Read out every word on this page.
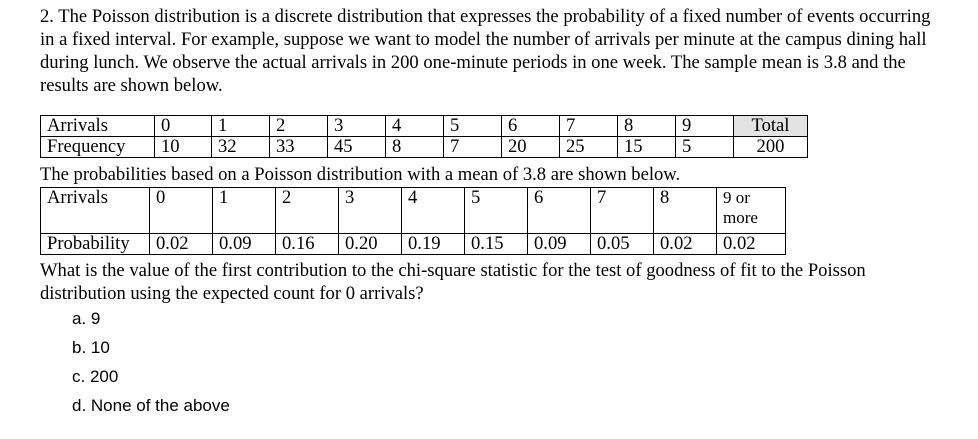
2. The Poisson distribution is a discrete distribution that expresses the probability of a fixed number of events occurring in a fixed interval. For example, suppose we want to model the number of arrivals per minute at the campus dining hall during lunch. We observe the actual arrivals in 200 one-minute periods in one week. The sample mean is 3.8 and the results are shown below.
Arrivals	0	1	2	3	4	5	6	7	8	9	Total
Frequency	10	32	33	45	8	7	20	25	15	5	200
The probabilities based on a Poisson distribution with a mean of 3.8 are shown below.
Arrivals	0	1	2	3	4	5	6	7	8	9 or
more

Probability	0.02	0.09	0.16	0.20	0.19	0.15	0.09	0.05	0.02	0.02
What is the value of the first contribution to the chi-square statistic for the test of goodness of fit to the Poisson distribution using the expected count for 0 arrivals?
a. 9
b. 10
c. 200
d. None of the above
